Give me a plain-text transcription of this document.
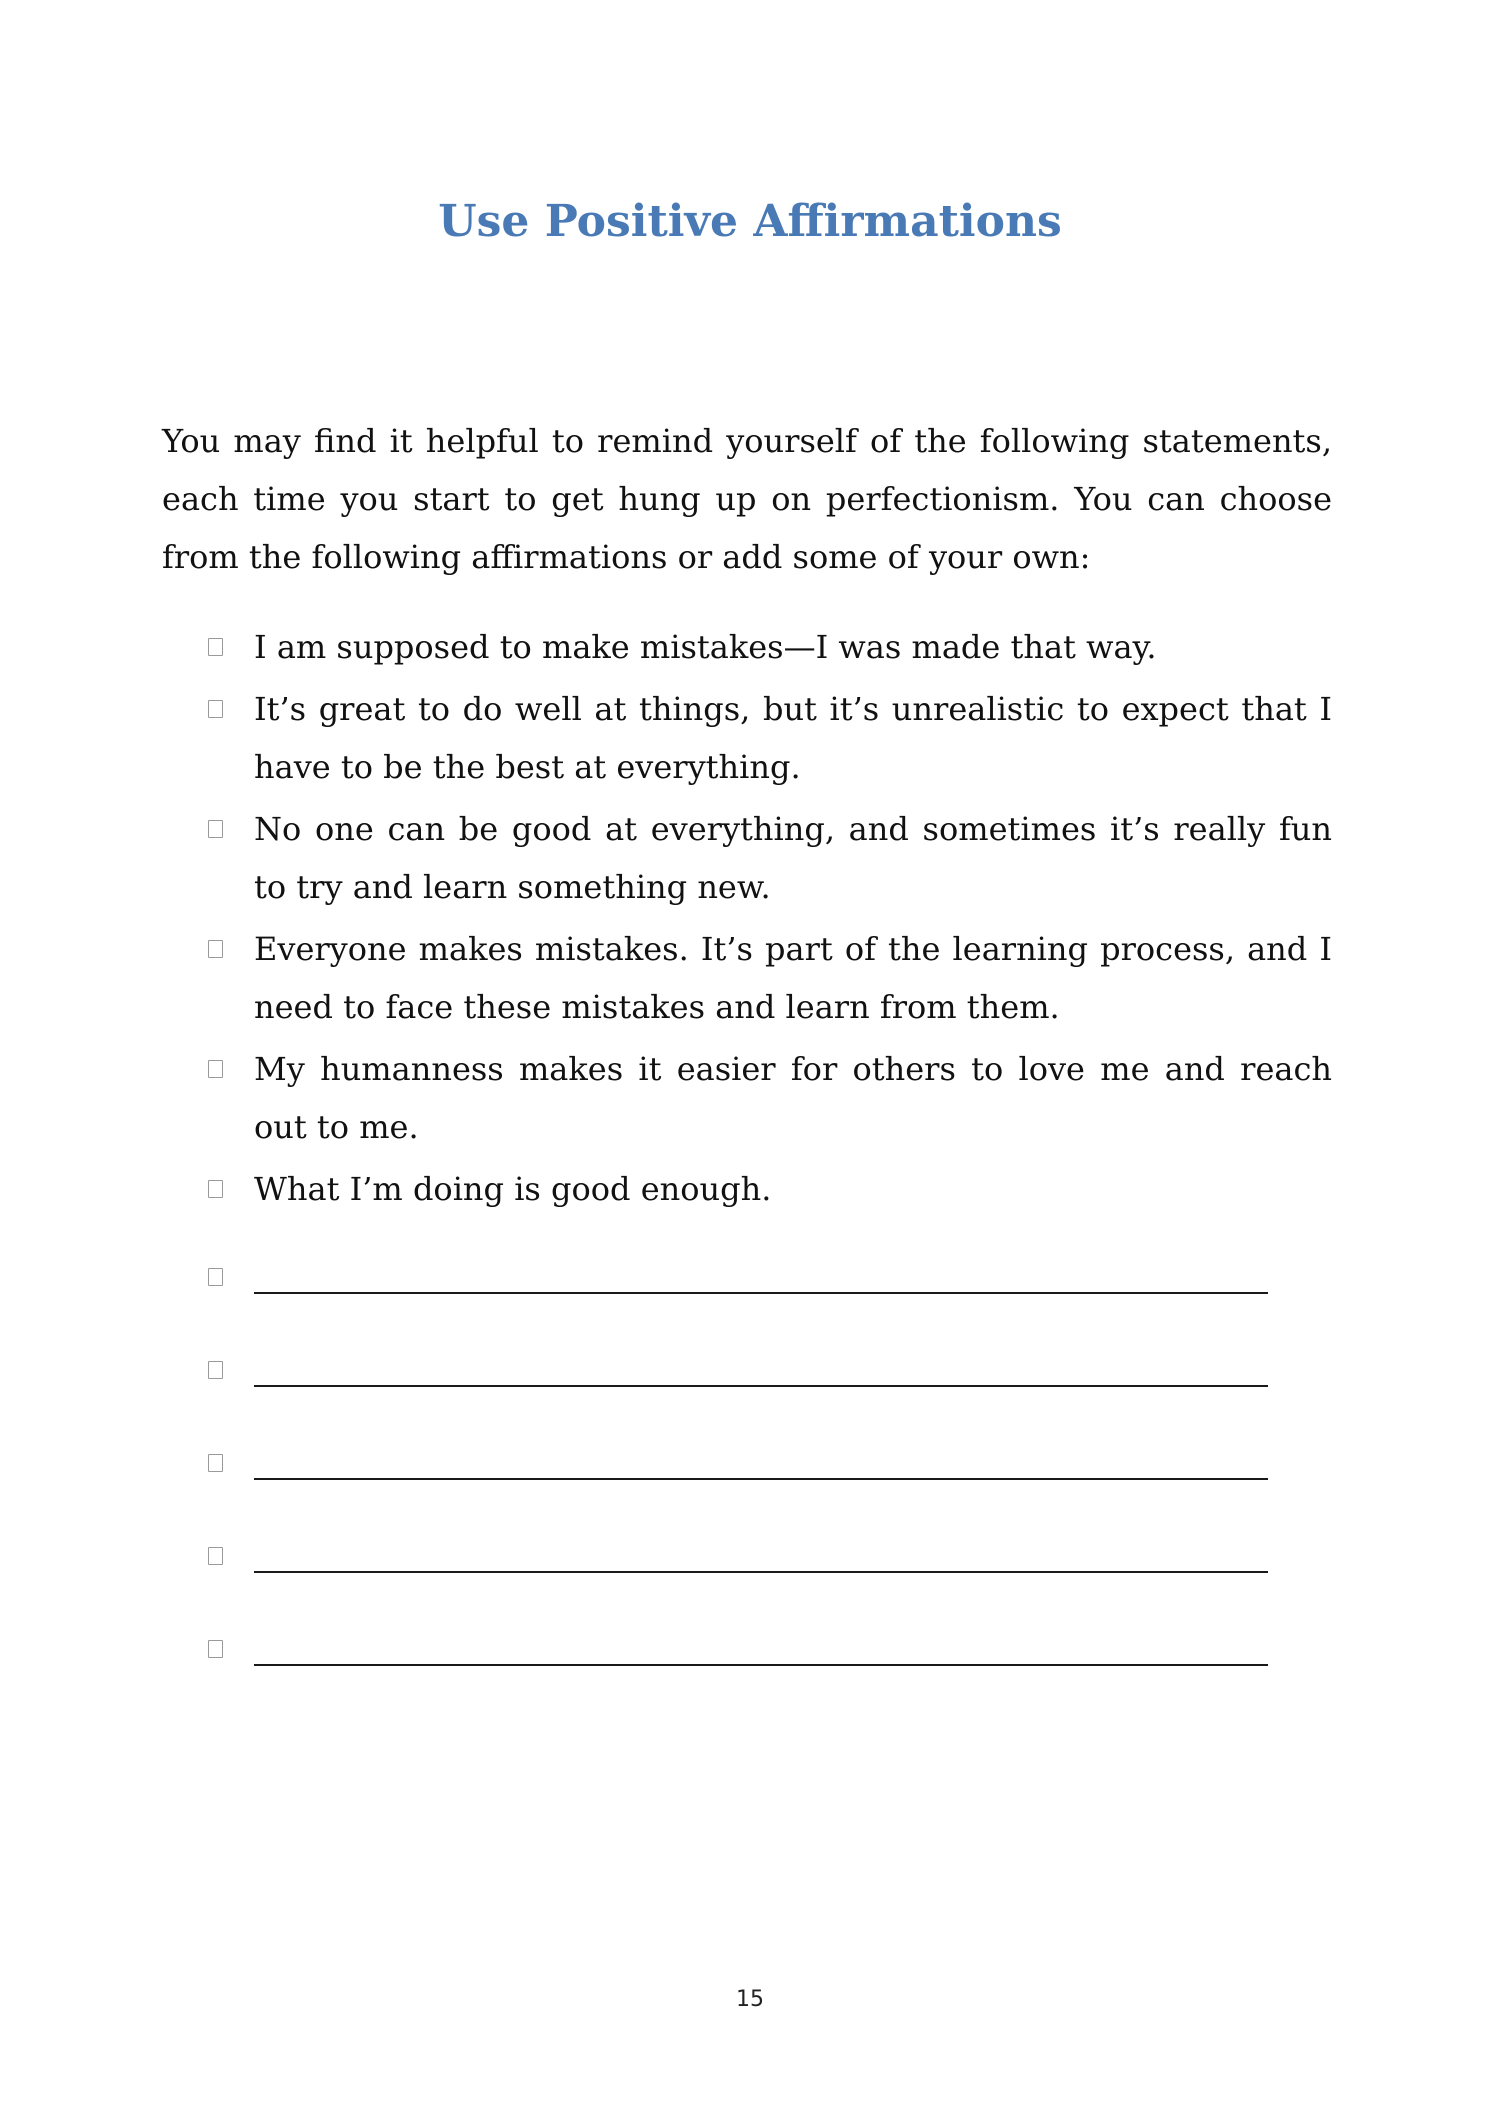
Use Positive Affirmations

You may find it helpful to remind yourself of the following statements, each time you start to get hung up on perfectionism. You can choose from the following affirmations or add some of your own:

I am supposed to make mistakes—I was made that way.
It’s great to do well at things, but it’s unrealistic to expect that I have to be the best at everything.
No one can be good at everything, and sometimes it’s really fun to try and learn something new.
Everyone makes mistakes. It’s part of the learning process, and I need to face these mistakes and learn from them.
My humanness makes it easier for others to love me and reach out to me.
What I’m doing is good enough.
15
